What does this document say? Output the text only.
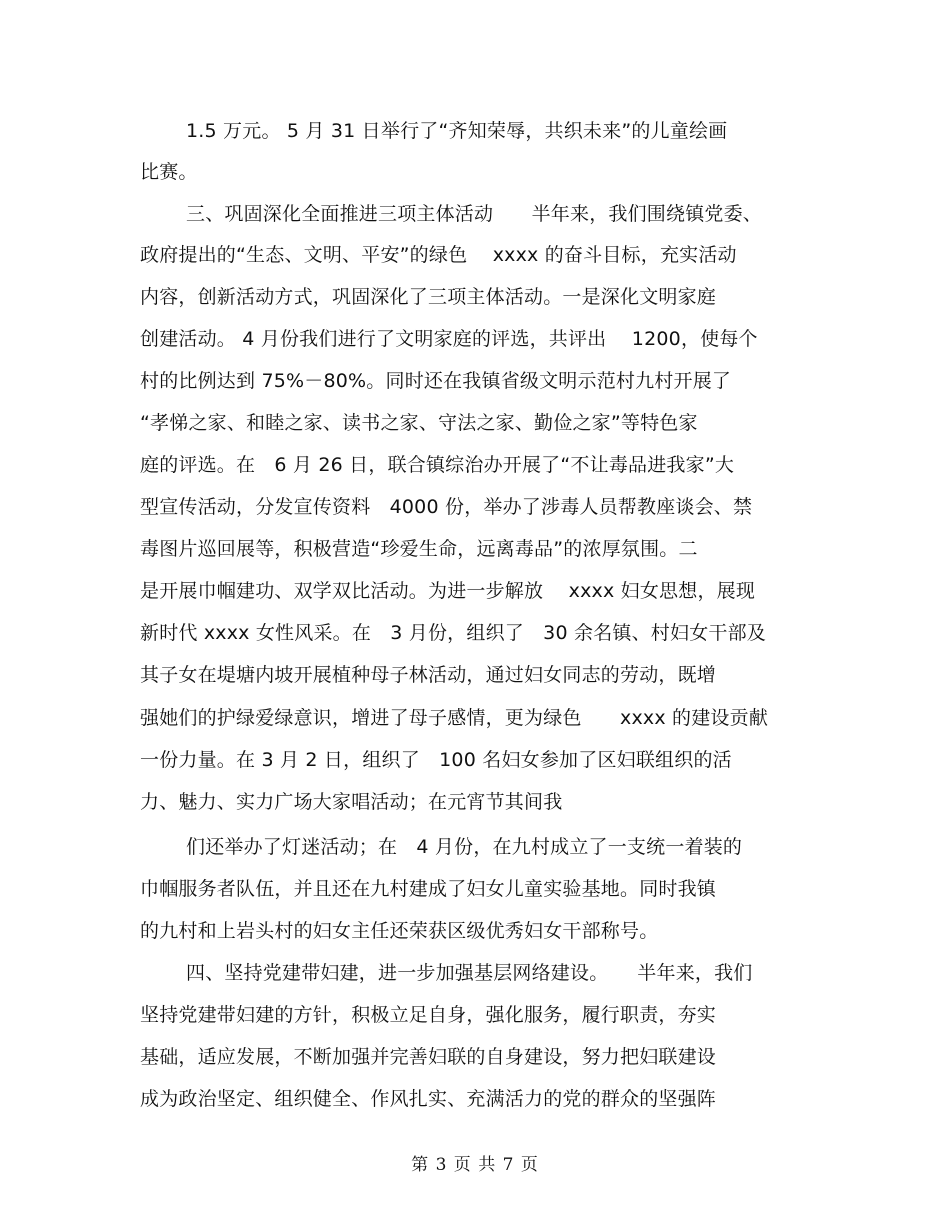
1.5 万元。 5 月 31 日举行了“齐知荣辱，共织未来”的儿童绘画
比赛。
三、巩固深化全面推进三项主体活动　　半年来，我们围绕镇党委、
政府提出的“生态、文明、平安”的绿色　 xxxx 的奋斗目标，充实活动
内容，创新活动方式，巩固深化了三项主体活动。一是深化文明家庭
创建活动。 4 月份我们进行了文明家庭的评选，共评出　 1200，使每个
村的比例达到 75%－80%。同时还在我镇省级文明示范村九村开展了
“孝悌之家、和睦之家、读书之家、守法之家、勤俭之家”等特色家
庭的评选。在　6 月 26 日，联合镇综治办开展了“不让毒品进我家”大
型宣传活动，分发宣传资料　4000 份，举办了涉毒人员帮教座谈会、禁
毒图片巡回展等，积极营造“珍爱生命，远离毒品”的浓厚氛围。二
是开展巾帼建功、双学双比活动。为进一步解放　 xxxx 妇女思想，展现
新时代 xxxx 女性风采。在　3 月份，组织了　30 余名镇、村妇女干部及
其子女在堤塘内坡开展植种母子林活动，通过妇女同志的劳动，既增
强她们的护绿爱绿意识，增进了母子感情，更为绿色　　xxxx 的建设贡献
一份力量。在 3 月 2 日，组织了　100 名妇女参加了区妇联组织的活
力、魅力、实力广场大家唱活动；在元宵节其间我
们还举办了灯迷活动；在　4 月份，在九村成立了一支统一着装的
巾帼服务者队伍，并且还在九村建成了妇女儿童实验基地。同时我镇
的九村和上岩头村的妇女主任还荣获区级优秀妇女干部称号。
四、坚持党建带妇建，进一步加强基层网络建设。　　半年来，我们
坚持党建带妇建的方针，积极立足自身，强化服务，履行职责，夯实
基础，适应发展，不断加强并完善妇联的自身建设，努力把妇联建设
成为政治坚定、组织健全、作风扎实、充满活力的党的群众的坚强阵
第 3 页 共 7 页
